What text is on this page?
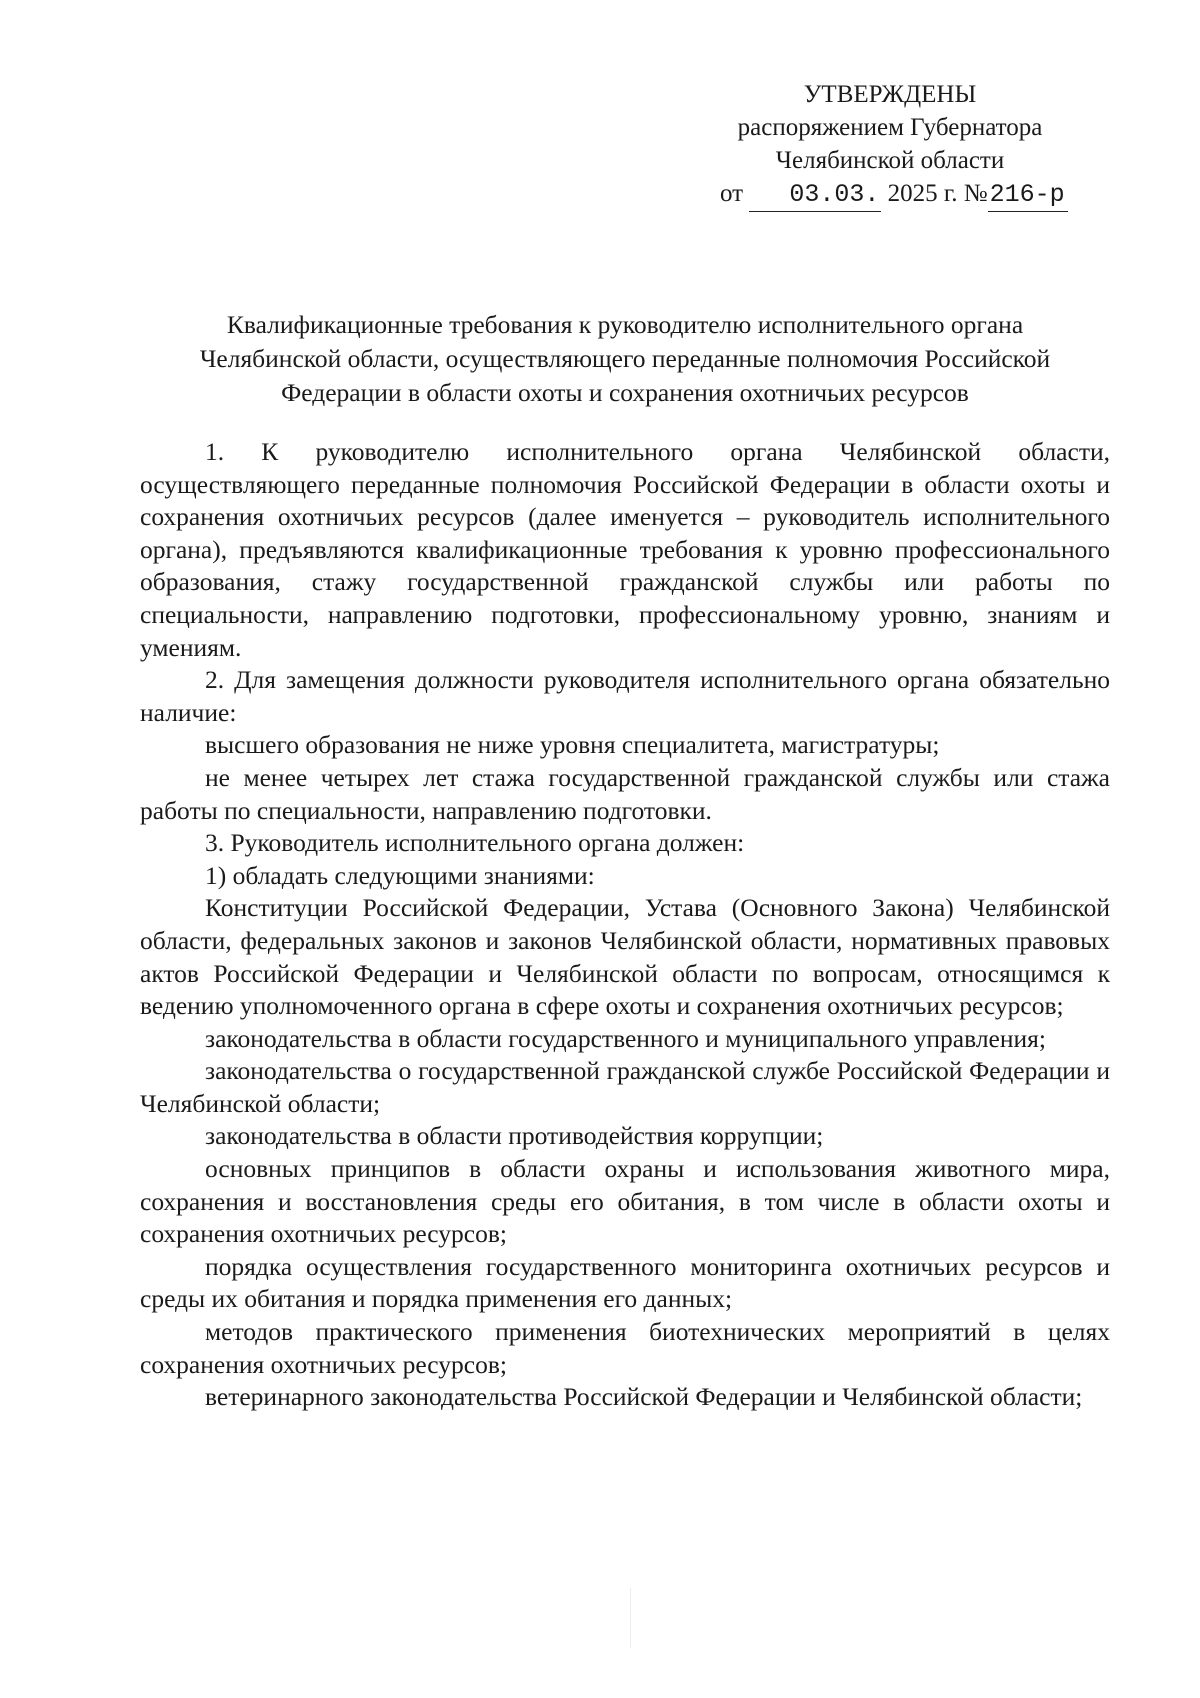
УТВЕРЖДЕНЫ
распоряжением Губернатора
Челябинской области
от 03.03. 2025 г. №216-р
Квалификационные требования к руководителю исполнительного органа
Челябинской области, осуществляющего переданные полномочия Российской
Федерации в области охоты и сохранения охотничьих ресурсов

1. К руководителю исполнительного органа Челябинской области, осуществляющего переданные полномочия Российской Федерации в области охоты и сохранения охотничьих ресурсов (далее именуется – руководитель исполнительного органа), предъявляются квалификационные требования к уровню профессионального образования, стажу государственной гражданской службы или работы по специальности, направлению подготовки, профессиональному уровню, знаниям и умениям.

2. Для замещения должности руководителя исполнительного органа обязательно наличие:

высшего образования не ниже уровня специалитета, магистратуры;

не менее четырех лет стажа государственной гражданской службы или стажа работы по специальности, направлению подготовки.

3. Руководитель исполнительного органа должен:

1) обладать следующими знаниями:

Конституции Российской Федерации, Устава (Основного Закона) Челябинской области, федеральных законов и законов Челябинской области, нормативных правовых актов Российской Федерации и Челябинской области по вопросам, относящимся к ведению уполномоченного органа в сфере охоты и сохранения охотничьих ресурсов;

законодательства в области государственного и муниципального управления;

законодательства о государственной гражданской службе Российской Федерации и Челябинской области;

законодательства в области противодействия коррупции;

основных принципов в области охраны и использования животного мира, сохранения и восстановления среды его обитания, в том числе в области охоты и сохранения охотничьих ресурсов;

порядка осуществления государственного мониторинга охотничьих ресурсов и среды их обитания и порядка применения его данных;

методов практического применения биотехнических мероприятий в целях сохранения охотничьих ресурсов;

ветеринарного законодательства Российской Федерации и Челябинской области;
